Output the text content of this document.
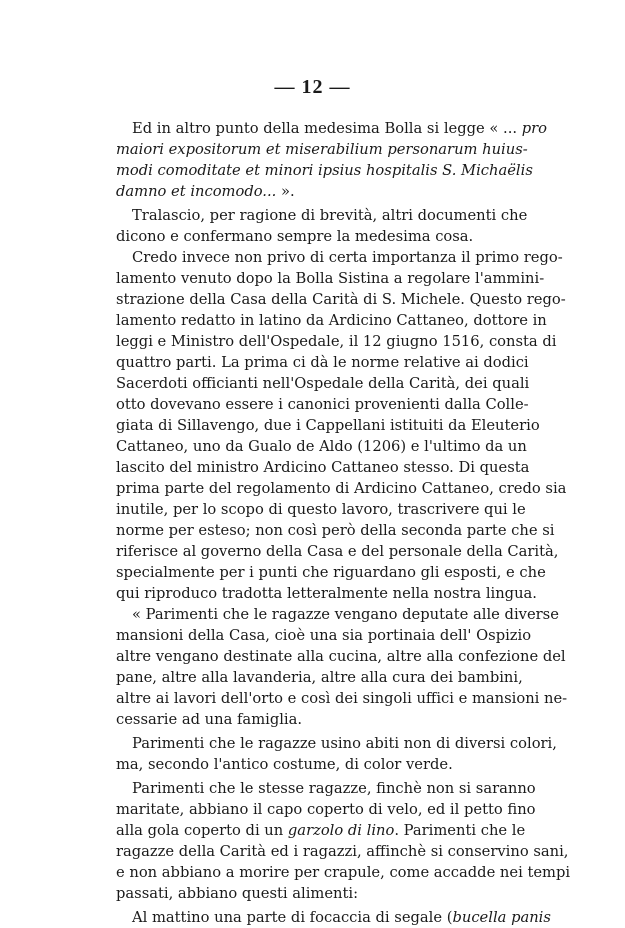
— 12 —
Ed in altro punto della medesima Bolla si legge « ... pro
maiori expositorum et miserabilium personarum huius-
modi comoditate et minori ipsius hospitalis S. Michaëlis
damno et incomodo... ».
Tralascio, per ragione di brevità, altri documenti che
dicono e confermano sempre la medesima cosa.
Credo invece non privo di certa importanza il primo rego-
lamento venuto dopo la Bolla Sistina a regolare l'ammini-
strazione della Casa della Carità di S. Michele. Questo rego-
lamento redatto in latino da Ardicino Cattaneo, dottore in
leggi e Ministro dell'Ospedale, il 12 giugno 1516, consta di
quattro parti. La prima ci dà le norme relative ai dodici
Sacerdoti officianti nell'Ospedale della Carità, dei quali
otto dovevano essere i canonici provenienti dalla Colle-
giata di Sillavengo, due i Cappellani istituiti da Eleuterio
Cattaneo, uno da Gualo de Aldo (1206) e l'ultimo da un
lascito del ministro Ardicino Cattaneo stesso. Di questa
prima parte del regolamento di Ardicino Cattaneo, credo sia
inutile, per lo scopo di questo lavoro, trascrivere qui le
norme per esteso; non così però della seconda parte che si
riferisce al governo della Casa e del personale della Carità,
specialmente per i punti che riguardano gli esposti, e che
qui riproduco tradotta letteralmente nella nostra lingua.
« Parimenti che le ragazze vengano deputate alle diverse
mansioni della Casa, cioè una sia portinaia dell' Ospizio
altre vengano destinate alla cucina, altre alla confezione del
pane, altre alla lavanderia, altre alla cura dei bambini,
altre ai lavori dell'orto e così dei singoli uffici e mansioni ne-
cessarie ad una famiglia.
Parimenti che le ragazze usino abiti non di diversi colori,
ma, secondo l'antico costume, di color verde.
Parimenti che le stesse ragazze, finchè non si saranno
maritate, abbiano il capo coperto di velo, ed il petto fino
alla gola coperto di un garzolo di lino. Parimenti che le
ragazze della Carità ed i ragazzi, affinchè si conservino sani,
e non abbiano a morire per crapule, come accadde nei tempi
passati, abbiano questi alimenti:
Al mattino una parte di focaccia di segale (bucella panis
